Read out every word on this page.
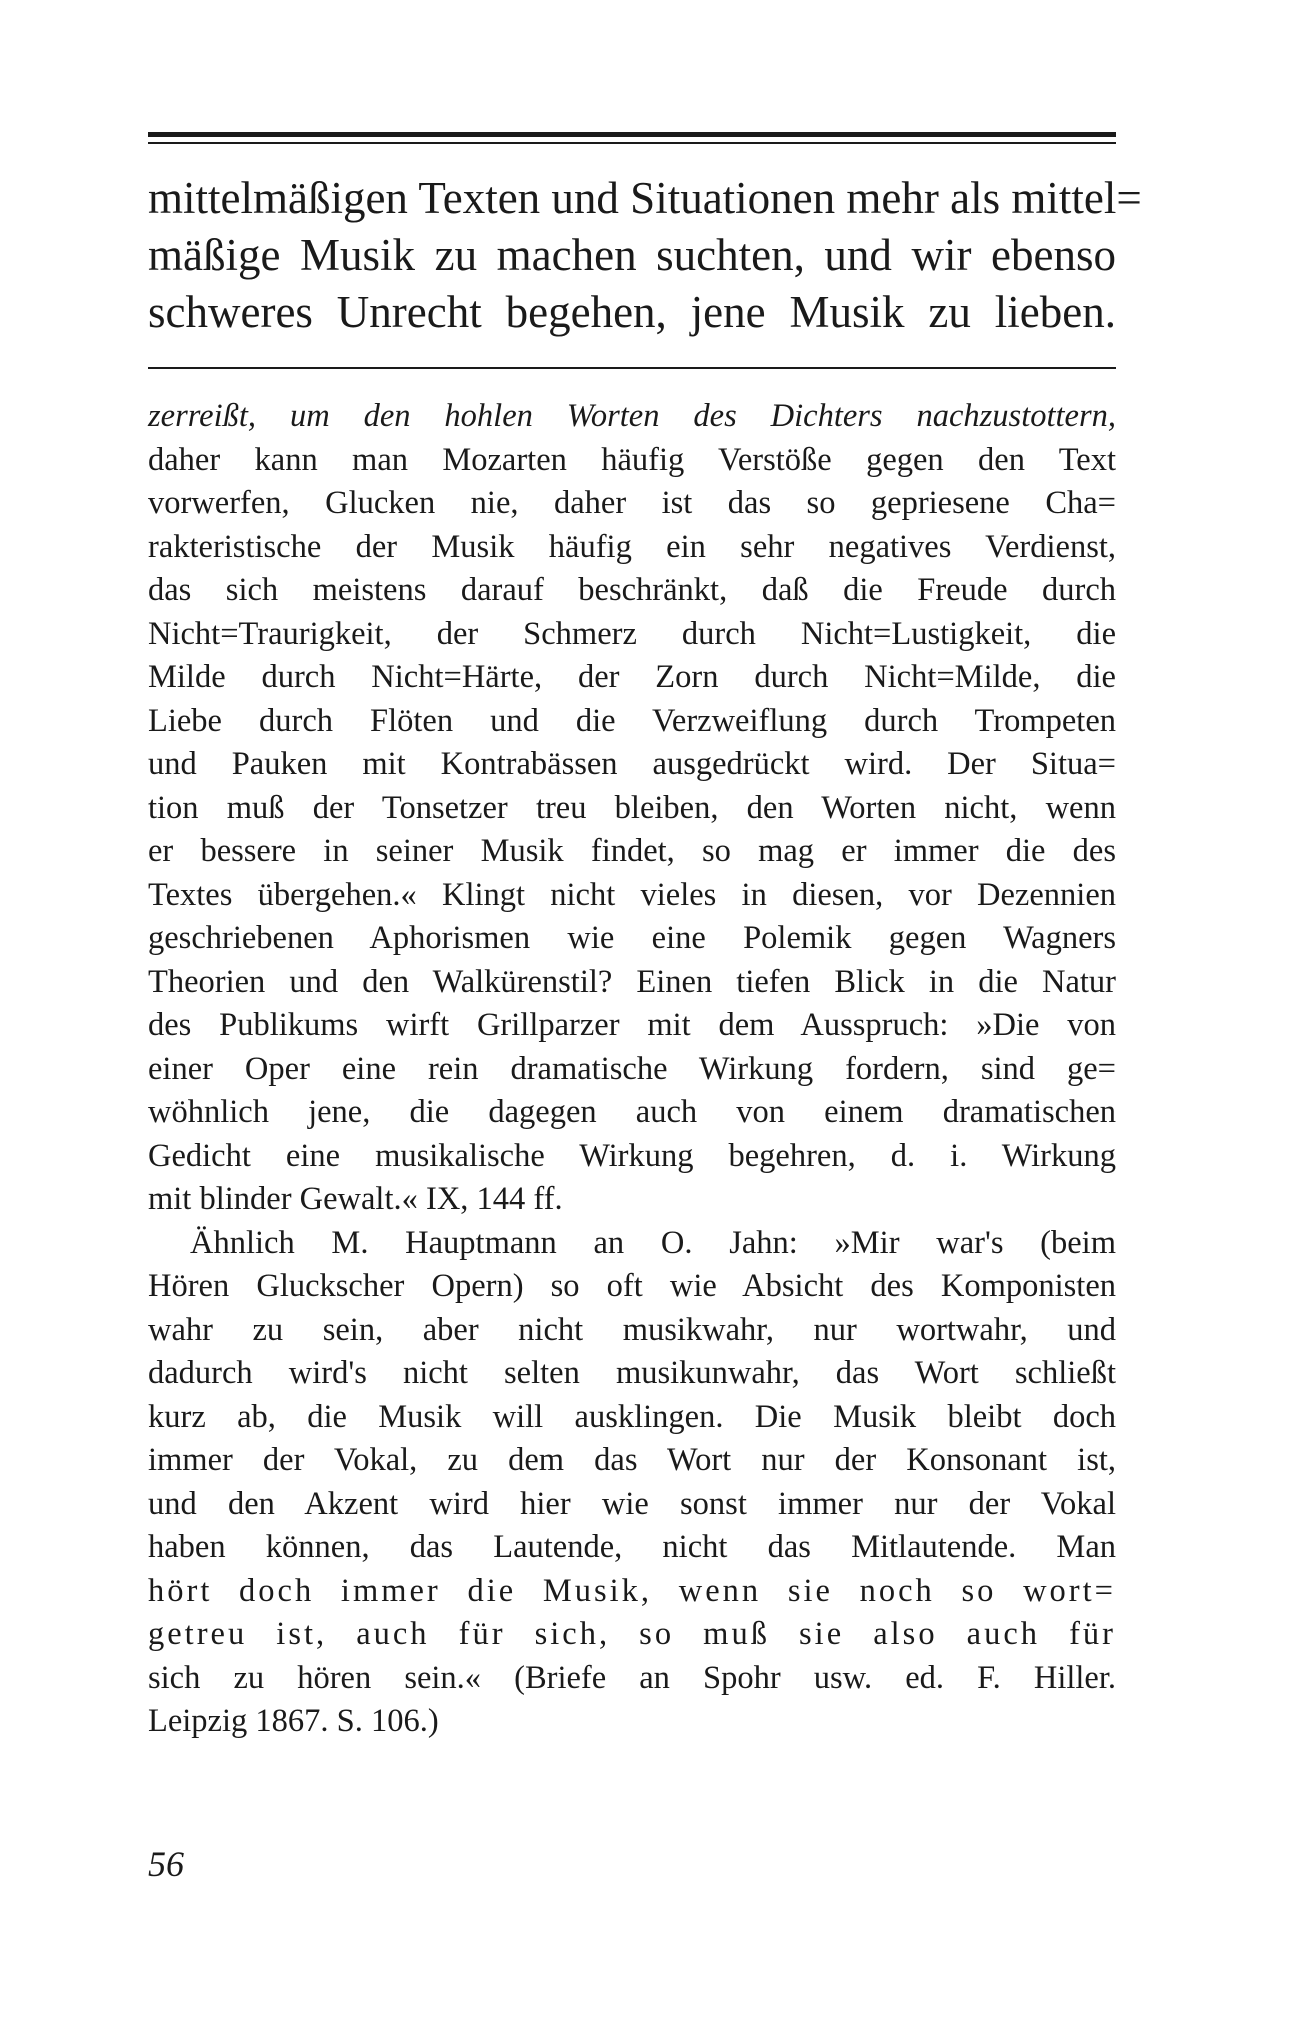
mittelmäßigen Texten und Situationen mehr als mittel=
mäßige Musik zu machen suchten, und wir ebenso
schweres Unrecht begehen, jene Musik zu lieben.
zerreißt, um den hohlen Worten des Dichters nachzustottern,
daher kann man Mozarten häufig Verstöße gegen den Text
vorwerfen, Glucken nie, daher ist das so gepriesene Cha=
rakteristische der Musik häufig ein sehr negatives Verdienst,
das sich meistens darauf beschränkt, daß die Freude durch
Nicht=Traurigkeit, der Schmerz durch Nicht=Lustigkeit, die
Milde durch Nicht=Härte, der Zorn durch Nicht=Milde, die
Liebe durch Flöten und die Verzweiflung durch Trompeten
und Pauken mit Kontrabässen ausgedrückt wird. Der Situa=
tion muß der Tonsetzer treu bleiben, den Worten nicht, wenn
er bessere in seiner Musik findet, so mag er immer die des
Textes übergehen.« Klingt nicht vieles in diesen, vor Dezennien
geschriebenen Aphorismen wie eine Polemik gegen Wagners
Theorien und den Walkürenstil? Einen tiefen Blick in die Natur
des Publikums wirft Grillparzer mit dem Ausspruch: »Die von
einer Oper eine rein dramatische Wirkung fordern, sind ge=
wöhnlich jene, die dagegen auch von einem dramatischen
Gedicht eine musikalische Wirkung begehren, d. i. Wirkung
mit blinder Gewalt.« IX, 144 ff.
Ähnlich M. Hauptmann an O. Jahn: »Mir war's (beim
Hören Gluckscher Opern) so oft wie Absicht des Komponisten
wahr zu sein, aber nicht musikwahr, nur wortwahr, und
dadurch wird's nicht selten musikunwahr, das Wort schließt
kurz ab, die Musik will ausklingen. Die Musik bleibt doch
immer der Vokal, zu dem das Wort nur der Konsonant ist,
und den Akzent wird hier wie sonst immer nur der Vokal
haben können, das Lautende, nicht das Mitlautende. Man
hört doch immer die Musik, wenn sie noch so wort=
getreu ist, auch für sich, so muß sie also auch für
sich zu hören sein.« (Briefe an Spohr usw. ed. F. Hiller.
Leipzig 1867. S. 106.)
56
